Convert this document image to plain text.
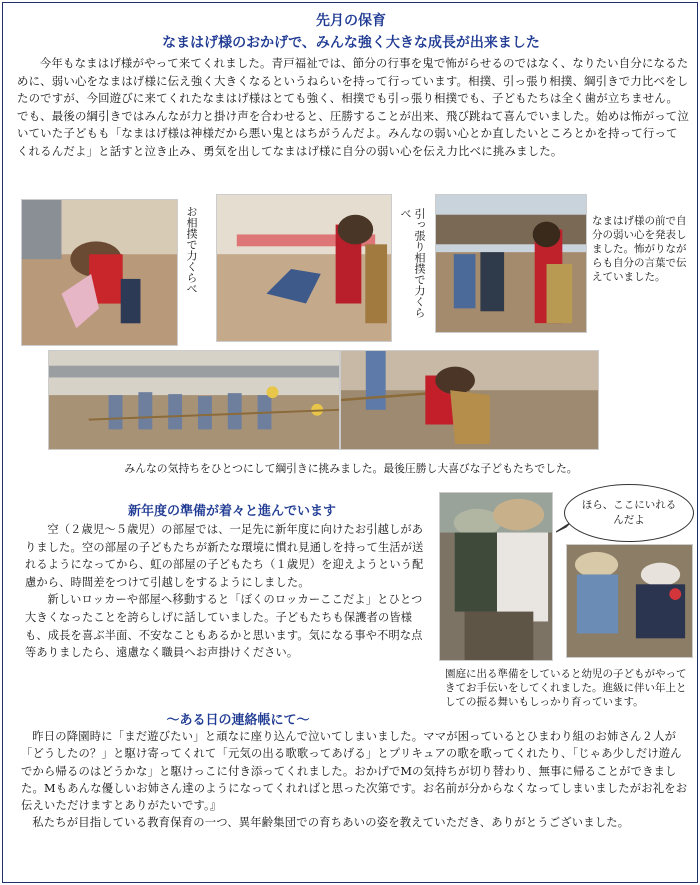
先月の保育
なまはげ様のおかげで、みんな強く大きな成長が出来ました
今年もなまはげ様がやって来てくれました。青戸福祉では、節分の行事を鬼で怖がらせるのではなく、なりたい自分になるために、弱い心をなまはげ様に伝え強く大きくなるというねらいを持って行っています。相撲、引っ張り相撲、綱引きで力比べをしたのですが、今回遊びに来てくれたなまはげ様はとても強く、相撲でも引っ張り相撲でも、子どもたちは全く歯が立ちません。でも、最後の綱引きではみんなが力と掛け声を合わせると、圧勝することが出来、飛び跳ねて喜んでいました。始めは怖がって泣いていた子どもも「なまはげ様は神様だから悪い鬼とはちがうんだよ。みんなの弱い心とか直したいところとかを持って行ってくれるんだよ」と話すと泣き止み、勇気を出してなまはげ様に自分の弱い心を伝え力比べに挑みました。
お相撲で力くらべ	引っ張り相撲で力くらべ
なまはげ様の前で自分の弱い心を発表しました。怖がりながらも自分の言葉で伝えていました。
みんなの気持ちをひとつにして綱引きに挑みました。最後圧勝し大喜びな子どもたちでした。
新年度の準備が着々と進んでいます

空（２歳児～５歳児）の部屋では、一足先に新年度に向けたお引越しがありました。空の部屋の子どもたちが新たな環境に慣れ見通しを持って生活が送れるようになってから、虹の部屋の子どもたち（１歳児）を迎えようという配慮から、時間差をつけて引越しをするようにしました。

新しいロッカーや部屋へ移動すると「ぼくのロッカーここだよ」とひとつ大きくなったことを誇らしげに話していました。子どもたちも保護者の皆様も、成長を喜ぶ半面、不安なこともあるかと思います。気になる事や不明な点等ありましたら、遠慮なく職員へお声掛けください。

ほら、ここにいれるんだよ
園庭に出る準備をしていると幼児の子どもがやってきてお手伝いをしてくれました。進級に伴い年上としての振る舞いもしっかり育っています。
～ある日の連絡帳にて～

昨日の降園時に「まだ遊びたい」と頑なに座り込んで泣いてしまいました。ママが困っているとひまわり組のお姉さん２人が「どうしたの？」と駆け寄ってくれて「元気の出る歌歌ってあげる」とプリキュアの歌を歌ってくれたり、「じゃあ少しだけ遊んでから帰るのはどうかな」と駆けっこに付き添ってくれました。おかげでMの気持ちが切り替わり、無事に帰ることができました。Mもあんな優しいお姉さん達のようになってくれればと思った次第です。お名前が分からなくなってしまいましたがお礼をお伝えいただけますとありがたいです。』

私たちが目指している教育保育の一つ、異年齢集団での育ちあいの姿を教えていただき、ありがとうございました。
